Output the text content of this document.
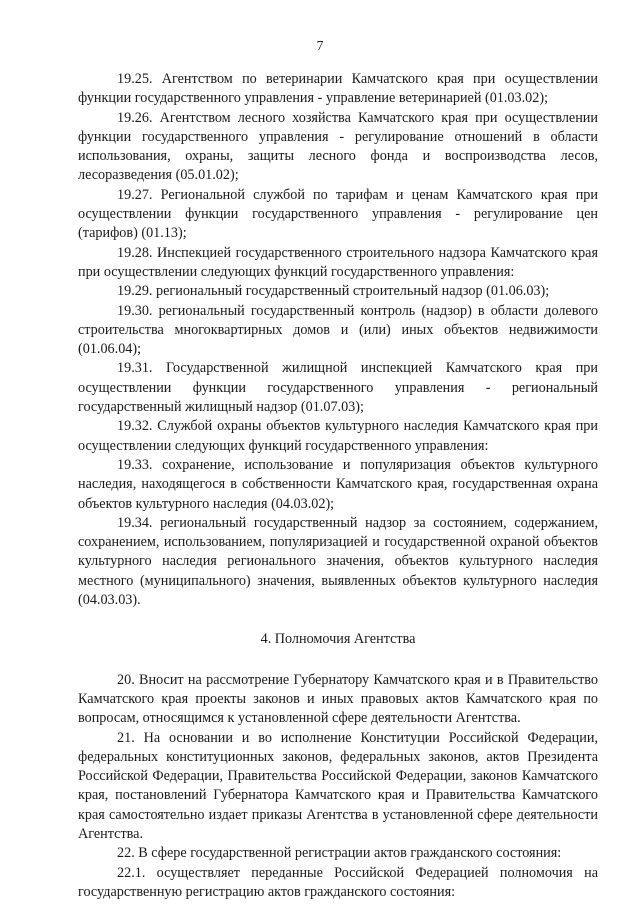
7

19.25. Агентством по ветеринарии Камчатского края при осуществлении функции государственного управления - управление ветеринарией (01.03.02);

19.26. Агентством лесного хозяйства Камчатского края при осуществлении функции государственного управления - регулирование отношений в области использования, охраны, защиты лесного фонда и воспроизводства лесов, лесоразведения (05.01.02);

19.27. Региональной службой по тарифам и ценам Камчатского края при осуществлении функции государственного управления - регулирование цен (тарифов) (01.13);

19.28. Инспекцией государственного строительного надзора Камчатского края при осуществлении следующих функций государственного управления:

19.29. региональный государственный строительный надзор (01.06.03);

19.30. региональный государственный контроль (надзор) в области долевого строительства многоквартирных домов и (или) иных объектов недвижимости (01.06.04);

19.31. Государственной жилищной инспекцией Камчатского края при осуществлении функции государственного управления - региональный государственный жилищный надзор (01.07.03);

19.32. Службой охраны объектов культурного наследия Камчатского края при осуществлении следующих функций государственного управления:

19.33. сохранение, использование и популяризация объектов культурного наследия, находящегося в собственности Камчатского края, государственная охрана объектов культурного наследия (04.03.02);

19.34. региональный государственный надзор за состоянием, содержанием, сохранением, использованием, популяризацией и государственной охраной объектов культурного наследия регионального значения, объектов культурного наследия местного (муниципального) значения, выявленных объектов культурного наследия (04.03.03).

4. Полномочия Агентства

20. Вносит на рассмотрение Губернатору Камчатского края и в Правительство Камчатского края проекты законов и иных правовых актов Камчатского края по вопросам, относящимся к установленной сфере деятельности Агентства.

21. На основании и во исполнение Конституции Российской Федерации, федеральных конституционных законов, федеральных законов, актов Президента Российской Федерации, Правительства Российской Федерации, законов Камчатского края, постановлений Губернатора Камчатского края и Правительства Камчатского края самостоятельно издает приказы Агентства в установленной сфере деятельности Агентства.

22. В сфере государственной регистрации актов гражданского состояния:

22.1. осуществляет переданные Российской Федерацией полномочия на государственную регистрацию актов гражданского состояния:
